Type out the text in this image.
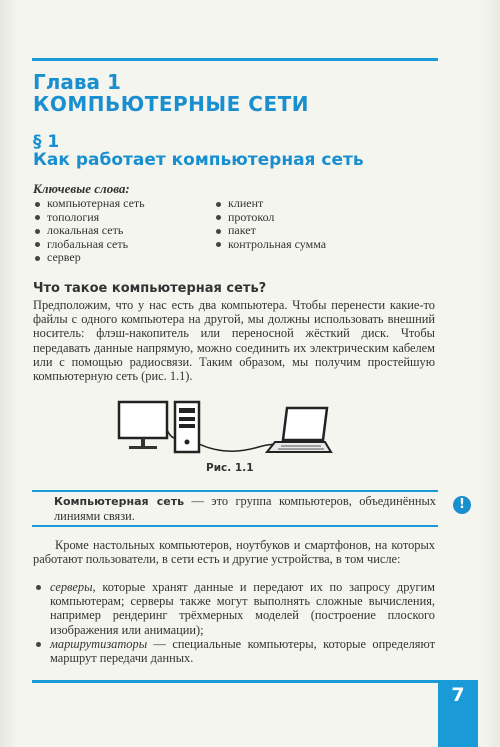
Глава 1
КОМПЬЮТЕРНЫЕ СЕТИ
§ 1
Как работает компьютерная сеть
Ключевые слова:
компьютерная сеть
топология
локальная сеть
глобальная сеть
сервер
клиент
протокол
пакет
контрольная сумма
Что такое компьютерная сеть?

Предположим, что у нас есть два компьютера. Чтобы перенести какие-то файлы с одного компьютера на другой, мы должны использовать внешний носитель: флэш-накопитель или переносной жёсткий диск. Чтобы передавать данные напрямую, можно соединить их электрическим кабелем или с помощью радиосвязи. Таким образом, мы получим простейшую компьютерную сеть (рис. 1.1).

Рис. 1.1

Компьютерная сеть — это группа компьютеров, объединённых линиями связи.

!

Кроме настольных компьютеров, ноутбуков и смартфонов, на которых работают пользователи, в сети есть и другие устройства, в том числе:

серверы, которые хранят данные и передают их по запросу другим компьютерам; серверы также могут выполнять сложные вычисления, например рендеринг трёхмерных моделей (построение плоского изображения или анимации);
маршрутизаторы — специальные компьютеры, которые определяют маршрут передачи данных.
7
